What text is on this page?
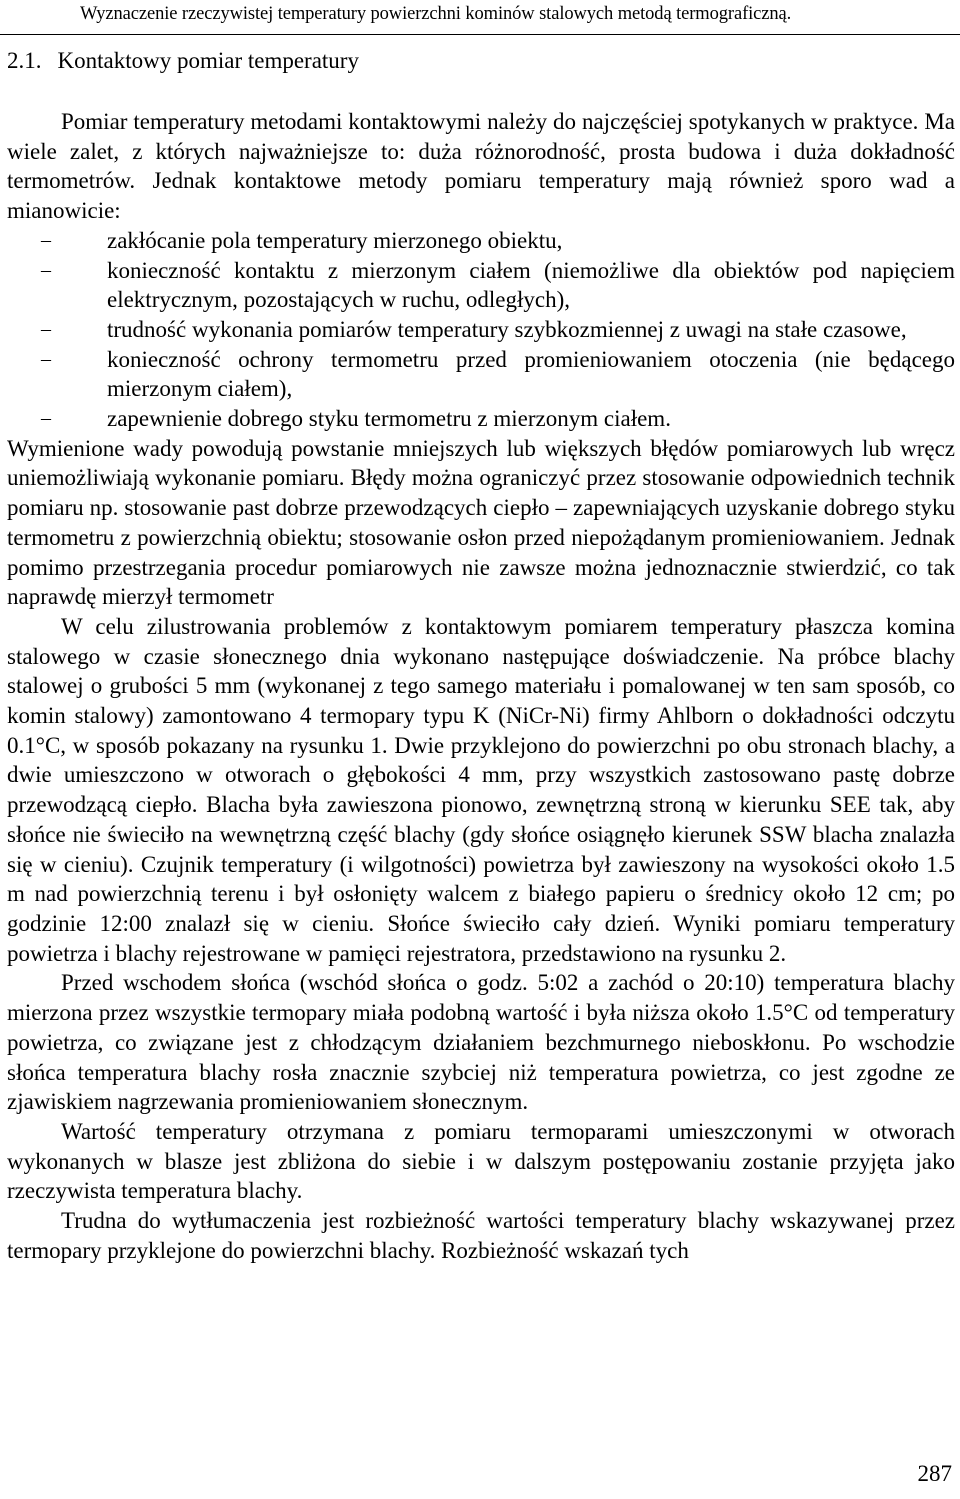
Wyznaczenie rzeczywistej temperatury powierzchni kominów stalowych metodą termograficzną.
2.1. Kontaktowy pomiar temperatury

Pomiar temperatury metodami kontaktowymi należy do najczęściej spotykanych w praktyce. Ma wiele zalet, z których najważniejsze to: duża różnorodność, prosta budowa i duża dokładność termometrów. Jednak kontaktowe metody pomiaru temperatury mają również sporo wad a mianowicie:

– zakłócanie pola temperatury mierzonego obiektu,
– konieczność kontaktu z mierzonym ciałem (niemożliwe dla obiektów pod napięciem elektrycznym, pozostających w ruchu, odległych),
– trudność wykonania pomiarów temperatury szybkozmiennej z uwagi na stałe czasowe,
– konieczność ochrony termometru przed promieniowaniem otoczenia (nie będącego mierzonym ciałem),
– zapewnienie dobrego styku termometru z mierzonym ciałem.

Wymienione wady powodują powstanie mniejszych lub większych błędów pomiarowych lub wręcz uniemożliwiają wykonanie pomiaru. Błędy można ograniczyć przez stosowanie odpowiednich technik pomiaru np. stosowanie past dobrze przewodzących ciepło – zapewniających uzyskanie dobrego styku termometru z powierzchnią obiektu; stosowanie osłon przed niepożądanym promieniowaniem. Jednak pomimo przestrzegania procedur pomiarowych nie zawsze można jednoznacznie stwierdzić, co tak naprawdę mierzył termometr

W celu zilustrowania problemów z kontaktowym pomiarem temperatury płaszcza komina stalowego w czasie słonecznego dnia wykonano następujące doświadczenie. Na próbce blachy stalowej o grubości 5 mm (wykonanej z tego samego materiału i pomalowanej w ten sam sposób, co komin stalowy) zamontowano 4 termopary typu K (NiCr-Ni) firmy Ahlborn o dokładności odczytu 0.1°C, w sposób pokazany na rysunku 1. Dwie przyklejono do powierzchni po obu stronach blachy, a dwie umieszczono w otworach o głębokości 4 mm, przy wszystkich zastosowano pastę dobrze przewodzącą ciepło. Blacha była zawieszona pionowo, zewnętrzną stroną w kierunku SEE tak, aby słońce nie świeciło na wewnętrzną część blachy (gdy słońce osiągnęło kierunek SSW blacha znalazła się w cieniu). Czujnik temperatury (i wilgotności) powietrza był zawieszony na wysokości około 1.5 m nad powierzchnią terenu i był osłonięty walcem z białego papieru o średnicy około 12 cm; po godzinie 12:00 znalazł się w cieniu. Słońce świeciło cały dzień. Wyniki pomiaru temperatury powietrza i blachy rejestrowane w pamięci rejestratora, przedstawiono na rysunku 2.

Przed wschodem słońca (wschód słońca o godz. 5:02 a zachód o 20:10) temperatura blachy mierzona przez wszystkie termopary miała podobną wartość i była niższa około 1.5°C od temperatury powietrza, co związane jest z chłodzącym działaniem bezchmurnego nieboskłonu. Po wschodzie słońca temperatura blachy rosła znacznie szybciej niż temperatura powietrza, co jest zgodne ze zjawiskiem nagrzewania promieniowaniem słonecznym.

Wartość temperatury otrzymana z pomiaru termoparami umieszczonymi w otworach wykonanych w blasze jest zbliżona do siebie i w dalszym postępowaniu zostanie przyjęta jako rzeczywista temperatura blachy.

Trudna do wytłumaczenia jest rozbieżność wartości temperatury blachy wskazywanej przez termopary przyklejone do powierzchni blachy. Rozbieżność wskazań tych

287
